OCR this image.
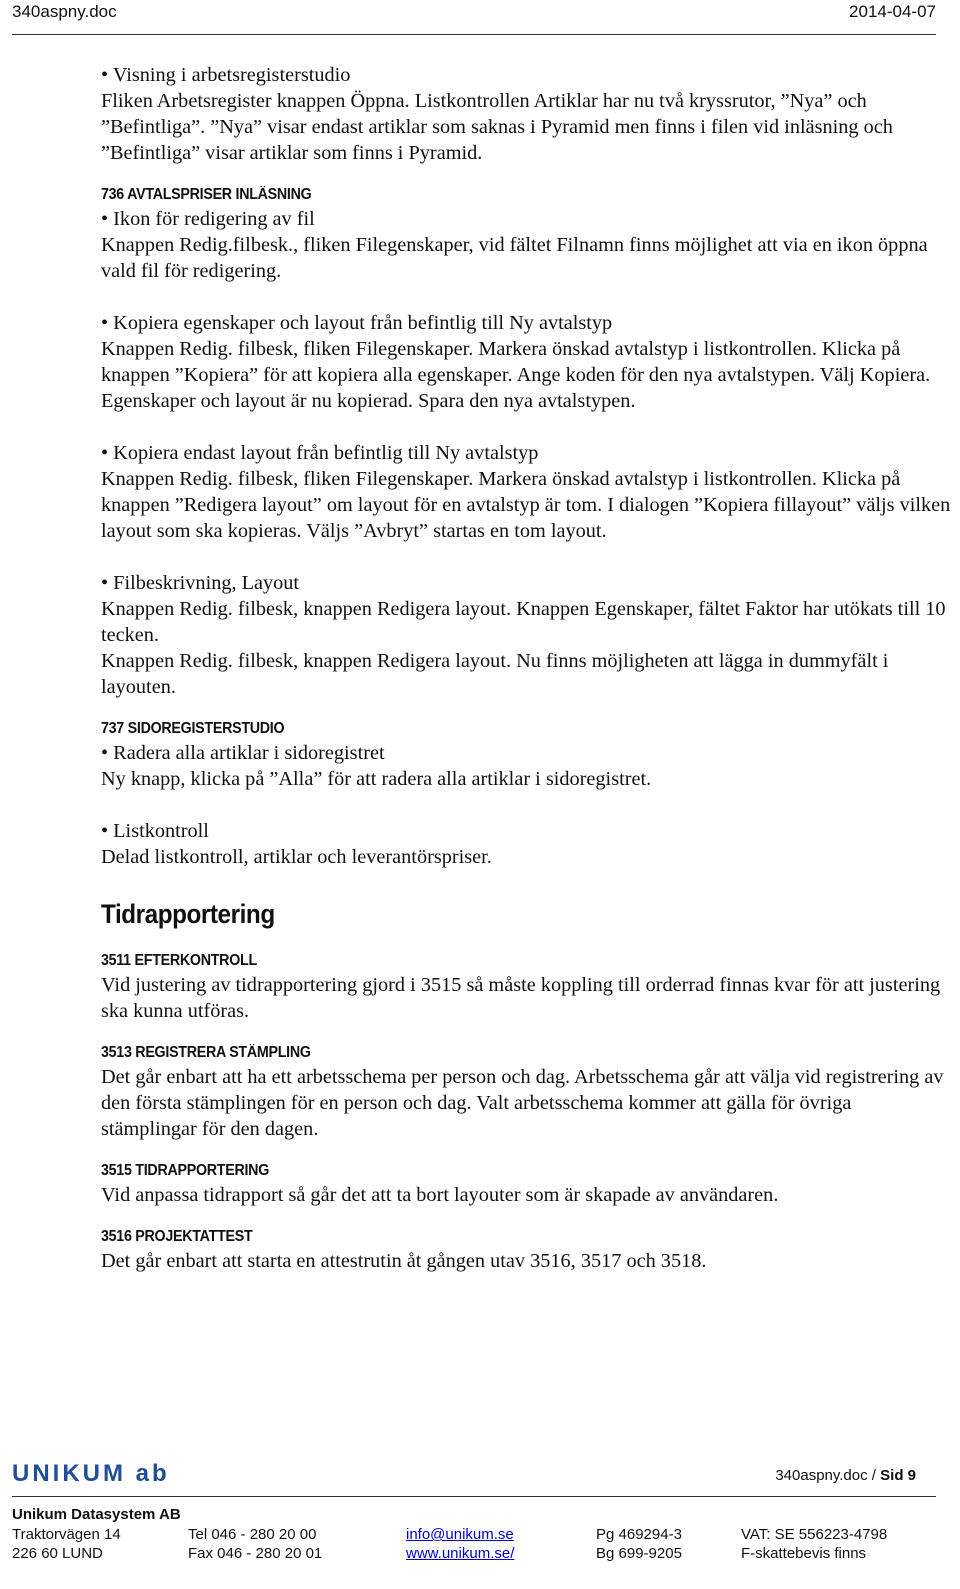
340aspny.doc	2014-04-07

• Visning i arbetsregisterstudio

Fliken Arbetsregister knappen Öppna. Listkontrollen Artiklar har nu två kryssrutor, ”Nya” och ”Befintliga”. ”Nya” visar endast artiklar som saknas i Pyramid men finns i filen vid inläsning och ”Befintliga” visar artiklar som finns i Pyramid.

736 AVTALSPRISER INLÄSNING

• Ikon för redigering av fil

Knappen Redig.filbesk., fliken Filegenskaper, vid fältet Filnamn finns möjlighet att via en ikon öppna vald fil för redigering.

• Kopiera egenskaper och layout från befintlig till Ny avtalstyp

Knappen Redig. filbesk, fliken Filegenskaper. Markera önskad avtalstyp i listkontrollen. Klicka på knappen ”Kopiera” för att kopiera alla egenskaper. Ange koden för den nya avtalstypen. Välj Kopiera. Egenskaper och layout är nu kopierad. Spara den nya avtalstypen.

• Kopiera endast layout från befintlig till Ny avtalstyp

Knappen Redig. filbesk, fliken Filegenskaper. Markera önskad avtalstyp i listkontrollen. Klicka på knappen ”Redigera layout” om layout för en avtalstyp är tom. I dialogen ”Kopiera fillayout” väljs vilken layout som ska kopieras. Väljs ”Avbryt” startas en tom layout.

• Filbeskrivning, Layout

Knappen Redig. filbesk, knappen Redigera layout. Knappen Egenskaper, fältet Faktor har utökats till 10 tecken.

Knappen Redig. filbesk, knappen Redigera layout. Nu finns möjligheten att lägga in dummyfält i layouten.

737 SIDOREGISTERSTUDIO

• Radera alla artiklar i sidoregistret

Ny knapp, klicka på ”Alla” för att radera alla artiklar i sidoregistret.

• Listkontroll

Delad listkontroll, artiklar och leverantörspriser.

Tidrapportering
3511 EFTERKONTROLL

Vid justering av tidrapportering gjord i 3515 så måste koppling till orderrad finnas kvar för att justering ska kunna utföras.

3513 REGISTRERA STÄMPLING

Det går enbart att ha ett arbetsschema per person och dag. Arbetsschema går att välja vid registrering av den första stämplingen för en person och dag. Valt arbetsschema kommer att gälla för övriga stämplingar för den dagen.

3515 TIDRAPPORTERING

Vid anpassa tidrapport så går det att ta bort layouter som är skapade av användaren.

3516 PROJEKTATTEST

Det går enbart att starta en attestrutin åt gången utav 3516, 3517 och 3518.

UNIKUM ab	340aspny.doc / Sid 9
Unikum Datasystem AB
Traktorvägen 14
226 60 LUND
Tel 046 - 280 20 00
Fax 046 - 280 20 01
info@unikum.se
www.unikum.se/
Pg 469294-3
Bg 699-9205
VAT: SE 556223-4798
F-skattebevis finns
